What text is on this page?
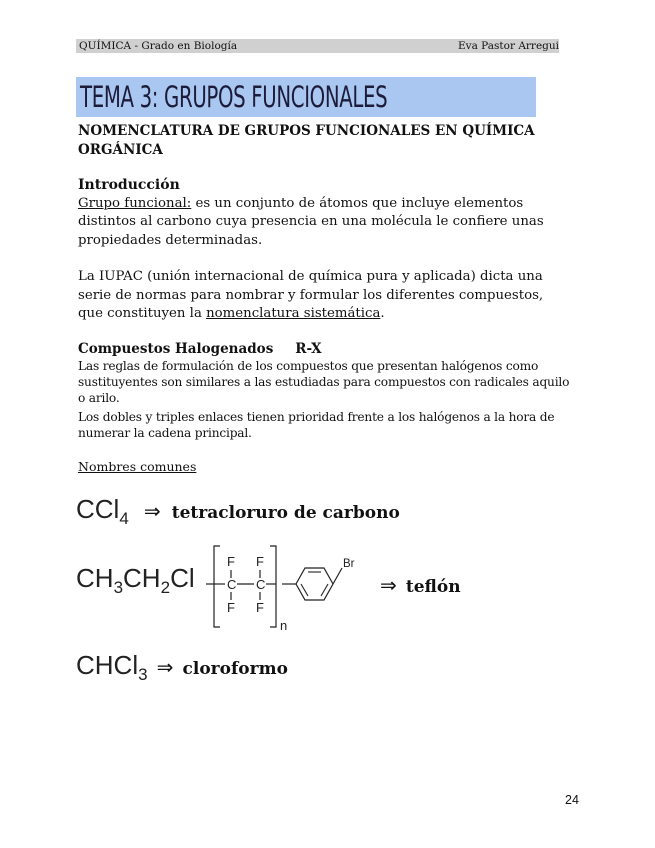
QUÍMICA - Grado en Biología	Eva Pastor Arregui
TEMA 3: GRUPOS FUNCIONALES
NOMENCLATURA DE GRUPOS FUNCIONALES EN QUÍMICA ORGÁNICA
Introducción
Grupo funcional: es un conjunto de átomos que incluye elementos distintos al carbono cuya presencia en una molécula le confiere unas propiedades determinadas.
La IUPAC (unión internacional de química pura y aplicada) dicta una serie de normas para nombrar y formular los diferentes compuestos, que constituyen la nomenclatura sistemática.
Compuestos Halogenados R-X
Las reglas de formulación de los compuestos que presentan halógenos como sustituyentes son similares a las estudiadas para compuestos con radicales aquilo o arilo.
Los dobles y triples enlaces tienen prioridad frente a los halógenos a la hora de numerar la cadena principal.
Nombres comunes
CCl$_4$ ⇒ tetracloruro de carbono
$CH_3CH_2Cl$
F
C
F
F
C
F
n
Br
⇒ teflón
CHCl$_3$ ⇒ cloroformo
24
